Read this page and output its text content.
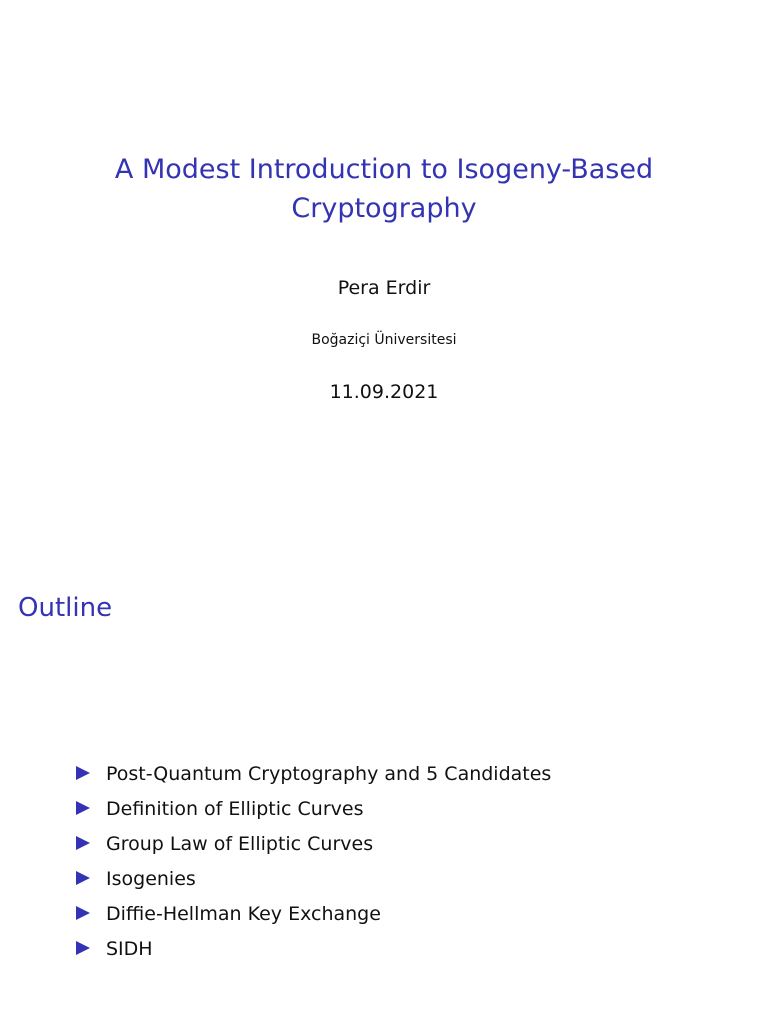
A Modest Introduction to Isogeny-Based
Cryptography
Pera Erdir
Boğaziçi Üniversitesi
11.09.2021
Outline
Post-Quantum Cryptography and 5 Candidates
Definition of Elliptic Curves
Group Law of Elliptic Curves
Isogenies
Diffie-Hellman Key Exchange
SIDH
